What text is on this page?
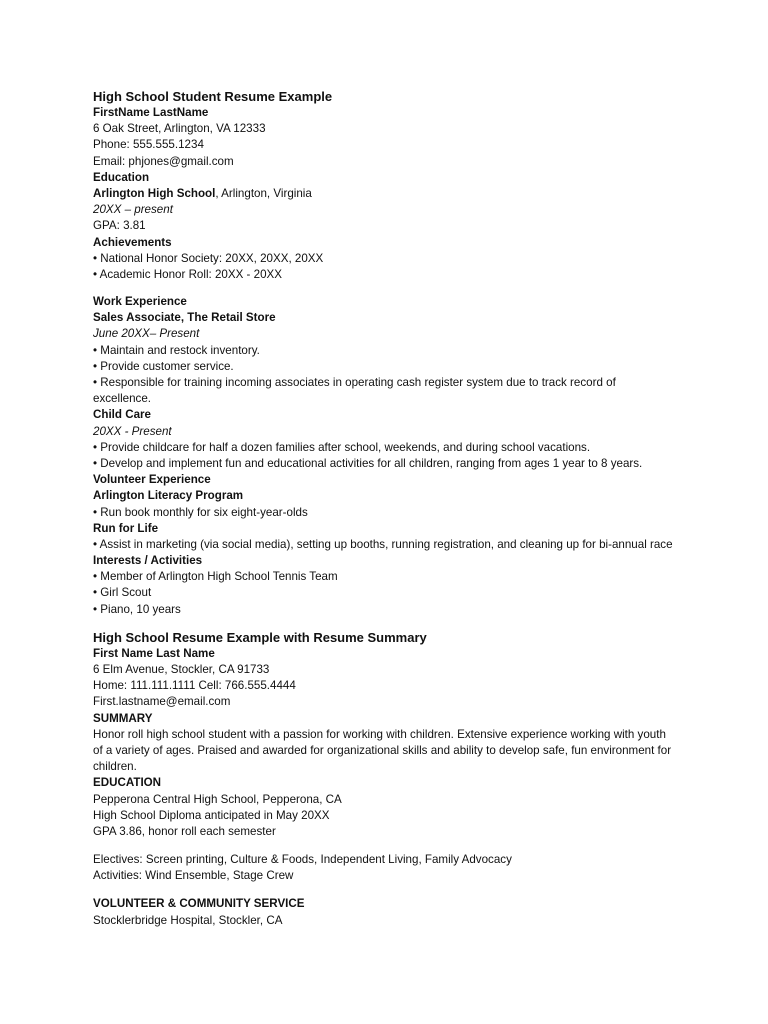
High School Student Resume Example
FirstName LastName
6 Oak Street, Arlington, VA 12333
Phone: 555.555.1234
Email: phjones@gmail.com
Education
Arlington High School, Arlington, Virginia
20XX – present
GPA: 3.81
Achievements
• National Honor Society: 20XX, 20XX, 20XX
• Academic Honor Roll: 20XX - 20XX
Work Experience
Sales Associate, The Retail Store
June 20XX– Present
• Maintain and restock inventory.
• Provide customer service.
• Responsible for training incoming associates in operating cash register system due to track record of
excellence.
Child Care
20XX - Present
• Provide childcare for half a dozen families after school, weekends, and during school vacations.
• Develop and implement fun and educational activities for all children, ranging from ages 1 year to 8 years.
Volunteer Experience
Arlington Literacy Program
• Run book monthly for six eight-year-olds
Run for Life
• Assist in marketing (via social media), setting up booths, running registration, and cleaning up for bi-annual race
Interests / Activities
• Member of Arlington High School Tennis Team
• Girl Scout
• Piano, 10 years
High School Resume Example with Resume Summary
First Name Last Name
6 Elm Avenue, Stockler, CA 91733
Home: 111.111.1111 Cell: 766.555.4444
First.lastname@email.com
SUMMARY
Honor roll high school student with a passion for working with children. Extensive experience working with youth
of a variety of ages. Praised and awarded for organizational skills and ability to develop safe, fun environment for
children.
EDUCATION
Pepperona Central High School, Pepperona, CA
High School Diploma anticipated in May 20XX
GPA 3.86, honor roll each semester
Electives: Screen printing, Culture & Foods, Independent Living, Family Advocacy
Activities: Wind Ensemble, Stage Crew
VOLUNTEER & COMMUNITY SERVICE
Stocklerbridge Hospital, Stockler, CA
